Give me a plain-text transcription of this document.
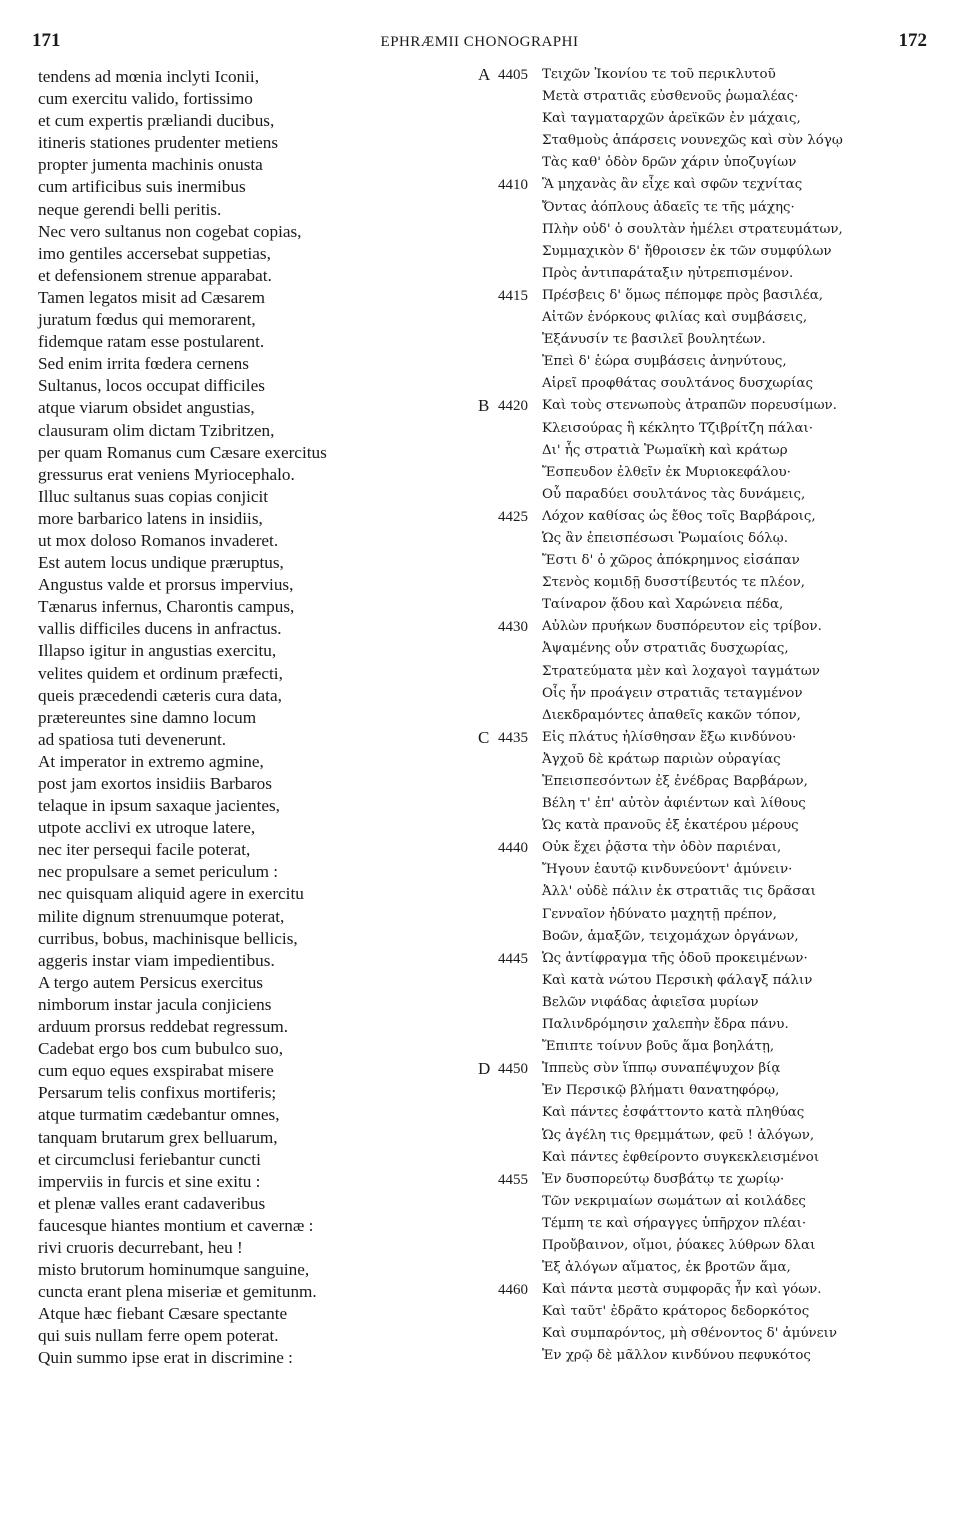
171	EPHRÆMII CHONOGRAPHI	172
tendens ad mœnia inclyti Iconii,
cum exercitu valido, fortissimo
et cum expertis præliandi ducibus,
itineris stationes prudenter metiens
propter jumenta machinis onusta
cum artificibus suis inermibus
neque gerendi belli peritis.
Nec vero sultanus non cogebat copias,
imo gentiles accersebat suppetias,
et defensionem strenue apparabat.
Tamen legatos misit ad Cæsarem
juratum fœdus qui memorarent,
fidemque ratam esse postularent.
Sed enim irrita fœdera cernens
Sultanus, locos occupat difficiles
atque viarum obsidet angustias,
clausuram olim dictam Tzibritzen,
per quam Romanus cum Cæsare exercitus
gressurus erat veniens Myriocephalo.
Illuc sultanus suas copias conjicit
more barbarico latens in insidiis,
ut mox doloso Romanos invaderet.
Est autem locus undique præruptus,
Angustus valde et prorsus impervius,
Tænarus infernus, Charontis campus,
vallis difficiles ducens in anfractus.
Illapso igitur in angustias exercitu,
velites quidem et ordinum præfecti,
queis præcedendi cæteris cura data,
prætereuntes sine damno locum
ad spatiosa tuti devenerunt.
At imperator in extremo agmine,
post jam exortos insidiis Barbaros
telaque in ipsum saxaque jacientes,
utpote acclivi ex utroque latere,
nec iter persequi facile poterat,
nec propulsare a semet periculum :
nec quisquam aliquid agere in exercitu
milite dignum strenuumque poterat,
curribus, bobus, machinisque bellicis,
aggeris instar viam impedientibus.
A tergo autem Persicus exercitus
nimborum instar jacula conjiciens
arduum prorsus reddebat regressum.
Cadebat ergo bos cum bubulco suo,
cum equo eques exspirabat misere
Persarum telis confixus mortiferis;
atque turmatim cædebantur omnes,
tanquam brutarum grex belluarum,
et circumclusi feriebantur cuncti
imperviis in furcis et sine exitu :
et plenæ valles erant cadaveribus
faucesque hiantes montium et cavernæ :
rivi cruoris decurrebant, heu !
misto brutorum hominumque sanguine,
cuncta erant plena miseriæ et gemitunm.
Atque hæc fiebant Cæsare spectante
qui suis nullam ferre opem poterat.
Quin summo ipse erat in discrimine :
A 4405 Τειχῶν Ἰκονίου τε τοῦ περικλυτοῦ
Μετὰ στρατιᾶς εὐσθενοῦς ῥωμαλέας·
Καὶ ταγματαρχῶν ἀρεϊκῶν ἐν μάχαις,
Σταθμοὺς ἀπάρσεις νουνεχῶς καὶ σὺν λόγῳ
Τὰς καθ' ὁδὸν δρῶν χάριν ὑποζυγίων
4410 Ἃ μηχανὰς ἂν εἶχε καὶ σφῶν τεχνίτας
Ὄντας ἀόπλους ἀδαεῖς τε τῆς μάχης·
Πλὴν οὐδ' ὁ σουλτὰν ἠμέλει στρατευμάτων,
Συμμαχικὸν δ' ἤθροισεν ἐκ τῶν συμφύλων
Πρὸς ἀντιπαράταξιν ηὐτρεπισμένον.
4415 Πρέσβεις δ' ὅμως πέπομφε πρὸς βασιλέα,
Αἰτῶν ἐνόρκους φιλίας καὶ συμβάσεις,
Ἐξάνυσίν τε βασιλεῖ βουλητέων.
Ἐπεὶ δ' ἑώρα συμβάσεις ἀνηνύτους,
Αἱρεῖ προφθάτας σουλτάνος δυσχωρίας
B 4420 Καὶ τοὺς στενωποὺς ἀτραπῶν πορευσίμων.
Κλεισούρας ἣ κέκλητο Τζιβρίτζη πάλαι·
Δι' ἧς στρατιὰ Ῥωμαϊκὴ καὶ κράτωρ
Ἔσπευδον ἐλθεῖν ἐκ Μυριοκεφάλου·
Οὗ παραδύει σουλτάνος τὰς δυνάμεις,
4425 Λόχον καθίσας ὡς ἔθος τοῖς Βαρβάροις,
Ὡς ἂν ἐπεισπέσωσι Ῥωμαίοις δόλῳ.
Ἔστι δ' ὁ χῶρος ἀπόκρημνος εἰσάπαν
Στενὸς κομιδῇ δυσστίβευτός τε πλέον,
Ταίναρον ᾅδου καὶ Χαρώνεια πέδα,
4430 Αὐλὼν πρυήκων δυσπόρευτον εἰς τρίβον.
Ἀψαμένης οὖν στρατιᾶς δυσχωρίας,
Στρατεύματα μὲν καὶ λοχαγοὶ ταγμάτων
Οἷς ἦν προάγειν στρατιᾶς τεταγμένον
Διεκδραμόντες ἀπαθεῖς κακῶν τόπον,
C 4435 Εἰς πλάτυς ἠλίσθησαν ἔξω κινδύνου·
Ἀγχοῦ δὲ κράτωρ παριὼν οὐραγίας
Ἐπεισπεσόντων ἐξ ἐνέδρας Βαρβάρων,
Βέλη τ' ἐπ' αὐτὸν ἀφιέντων καὶ λίθους
Ὡς κατὰ πρανοῦς ἐξ ἑκατέρου μέρους
4440 Οὐκ ἔχει ῥᾷστα τὴν ὁδὸν παριέναι,
Ἤγουν ἑαυτῷ κινδυνεύοντ' ἀμύνειν·
Ἀλλ' οὐδὲ πάλιν ἐκ στρατιᾶς τις δρᾶσαι
Γενναῖον ἠδύνατο μαχητῇ πρέπον,
Βοῶν, ἁμαξῶν, τειχομάχων ὀργάνων,
4445 Ὡς ἀντίφραγμα τῆς ὁδοῦ προκειμένων·
Καὶ κατὰ νώτου Περσικὴ φάλαγξ πάλιν
Βελῶν νιφάδας ἀφιεῖσα μυρίων
Παλινδρόμησιν χαλεπὴν ἔδρα πάνυ.
Ἔπιπτε τοίνυν βοῦς ἅμα βοηλάτῃ,
D 4450 Ἱππεὺς σὺν ἵππῳ συναπέψυχον βίᾳ
Ἐν Περσικῷ βλήματι θανατηφόρῳ,
Καὶ πάντες ἐσφάττοντο κατὰ πληθύας
Ὡς ἀγέλη τις θρεμμάτων, φεῦ ! ἀλόγων,
Καὶ πάντες ἐφθείροντο συγκεκλεισμένοι
4455 Ἐν δυσπορεύτῳ δυσβάτῳ τε χωρίῳ·
Τῶν νεκριμαίων σωμάτων αἱ κοιλάδες
Τέμπη τε καὶ σήραγγες ὑπῆρχον πλέαι·
Προὔβαινον, οἴμοι, ῥύακες λύθρων δλαι
Ἐξ ἀλόγων αἵματος, ἐκ βροτῶν ἅμα,
4460 Καὶ πάντα μεστὰ συμφορᾶς ἦν καὶ γόων.
Καὶ ταῦτ' ἐδρᾶτο κράτορος δεδορκότος
Καὶ συμπαρόντος, μὴ σθένοντος δ' ἀμύνειν
Ἐν χρῷ δὲ μᾶλλον κινδύνου πεφυκότος
